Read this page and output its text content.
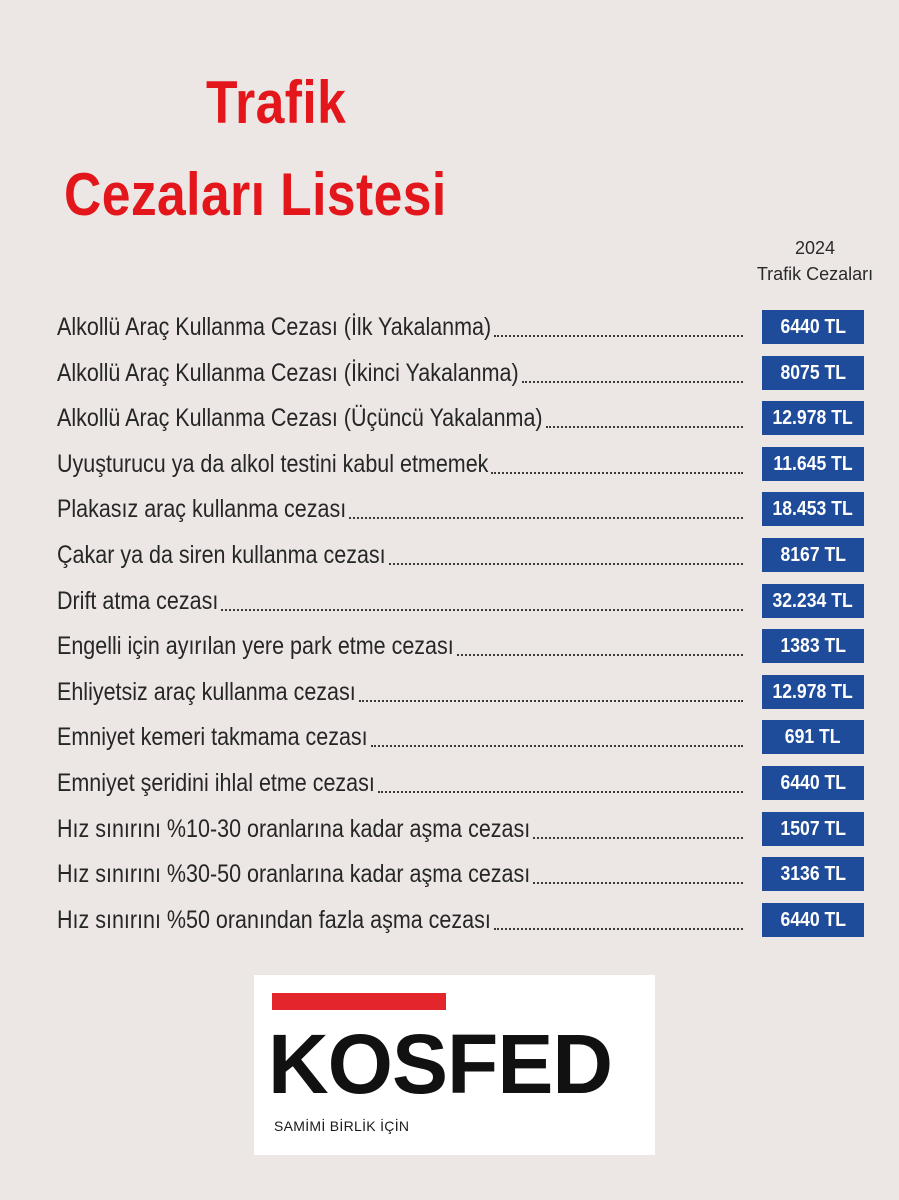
Trafik
Cezaları Listesi
2024
Trafik Cezaları
Alkollü Araç Kullanma Cezası (İlk Yakalanma)	6440 TL
Alkollü Araç Kullanma Cezası (İkinci Yakalanma)	8075 TL
Alkollü Araç Kullanma Cezası (Üçüncü Yakalanma)	12.978 TL
Uyuşturucu ya da alkol testini kabul etmemek	11.645 TL
Plakasız araç kullanma cezası	18.453 TL
Çakar ya da siren kullanma cezası	8167 TL
Drift atma cezası	32.234 TL
Engelli için ayırılan yere park etme cezası	1383 TL
Ehliyetsiz araç kullanma cezası	12.978 TL
Emniyet kemeri takmama cezası	691 TL
Emniyet şeridini ihlal etme cezası	6440 TL
Hız sınırını %10-30 oranlarına kadar aşma cezası	1507 TL
Hız sınırını %30-50 oranlarına kadar aşma cezası	3136 TL
Hız sınırını %50 oranından fazla aşma cezası	6440 TL
KOSFED
SAMİMİ BİRLİK İÇİN
